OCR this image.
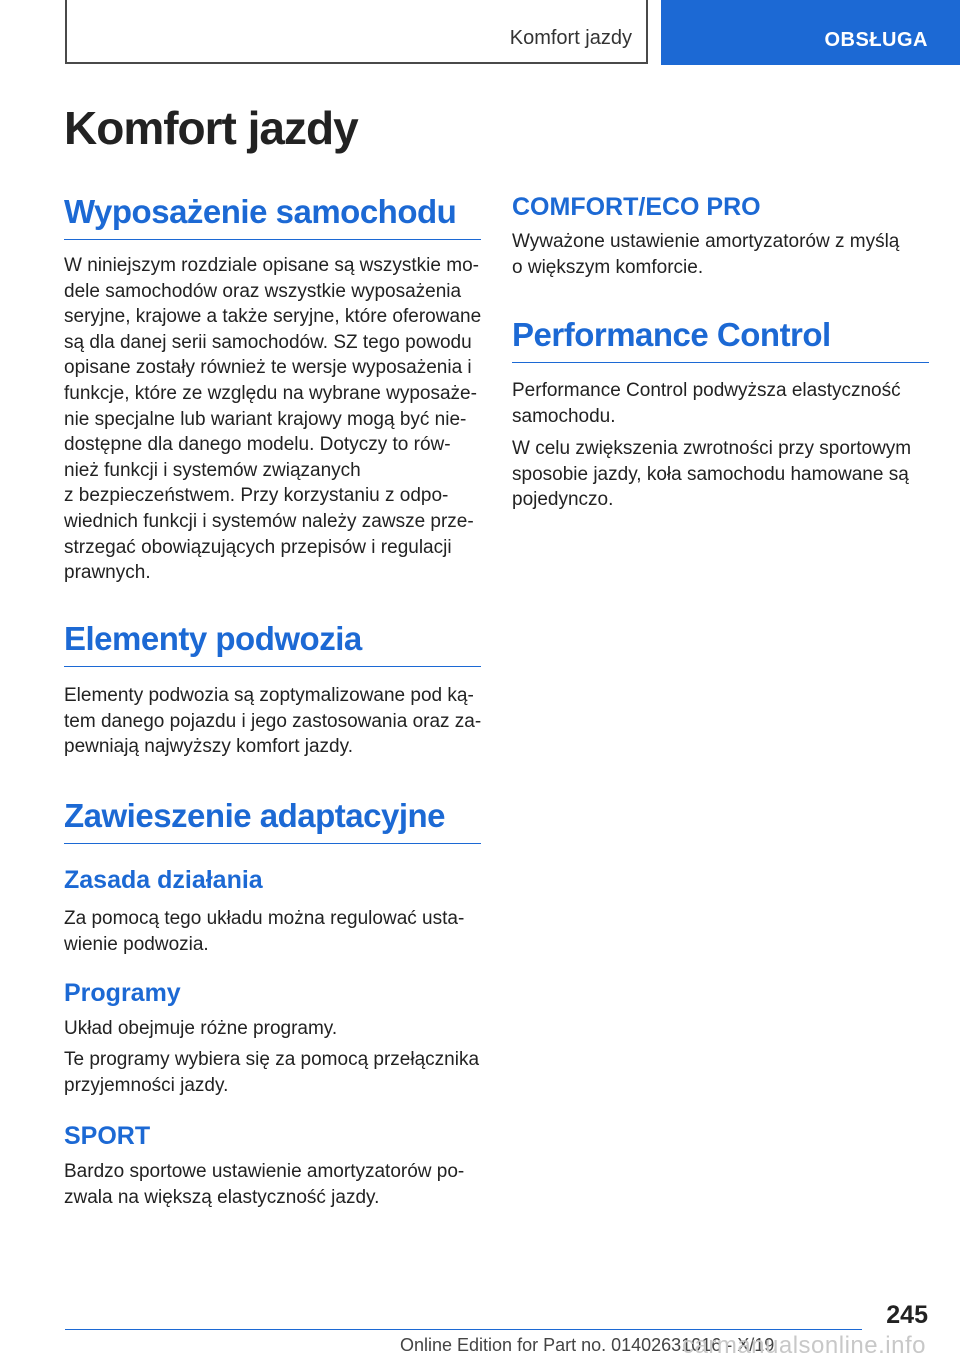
Komfort jazdy	OBSŁUGA
Komfort jazdy
Wyposażenie samochodu

W niniejszym rozdziale opisane są wszystkie mo‐
dele samochodów oraz wszystkie wyposażenia
seryjne, krajowe a także seryjne, które oferowane
są dla danej serii samochodów. SZ tego powodu
opisane zostały również te wersje wyposażenia i
funkcje, które ze względu na wybrane wyposaże‐
nie specjalne lub wariant krajowy mogą być nie‐
dostępne dla danego modelu. Dotyczy to rów‐
nież funkcji i systemów związanych
z bezpieczeństwem. Przy korzystaniu z odpo‐
wiednich funkcji i systemów należy zawsze prze‐
strzegać obowiązujących przepisów i regulacji
prawnych.

Elementy podwozia

Elementy podwozia są zoptymalizowane pod ką‐
tem danego pojazdu i jego zastosowania oraz za‐
pewniają najwyższy komfort jazdy.

Zawieszenie adaptacyjne
Zasada działania

Za pomocą tego układu można regulować usta‐
wienie podwozia.

Programy

Układ obejmuje różne programy.

Te programy wybiera się za pomocą przełącznika
przyjemności jazdy.

SPORT

Bardzo sportowe ustawienie amortyzatorów po‐
zwala na większą elastyczność jazdy.

COMFORT/ECO PRO

Wyważone ustawienie amortyzatorów z myślą
o większym komforcie.

Performance Control

Performance Control podwyższa elastyczność
samochodu.

W celu zwiększenia zwrotności przy sportowym
sposobie jazdy, koła samochodu hamowane są
pojedynczo.

245
Online Edition for Part no. 01402631016 - X/19
carmanualsonline.info
